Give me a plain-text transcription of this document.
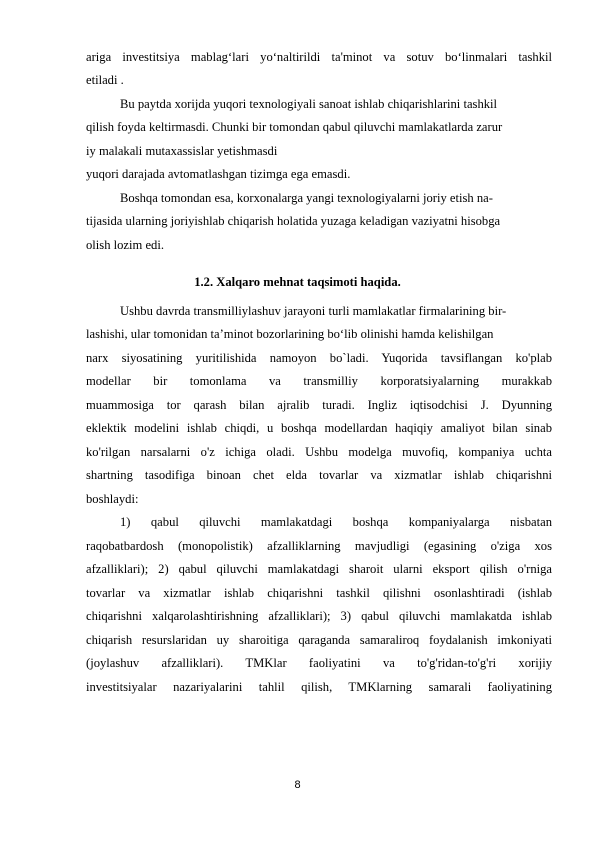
ariga investitsiya mablag‘lari yo‘naltirildi ta'minot va sotuv bo‘linmalari tashkil
etiladi .
Bu paytda xorijda yuqori texnologiyali sanoat ishlab chiqarishlarini tashkil
qilish foyda keltirmasdi. Chunki bir tomondan qabul qiluvchi mamlakatlarda zarur
iy malakali mutaxassislar yetishmasdi
yuqori darajada avtomatlashgan tizimga ega emasdi.
Boshqa tomondan esa, korxonalarga yangi texnologiyalarni joriy etish na-
tijasida ularning joriyishlab chiqarish holatida yuzaga keladigan vaziyatni hisobga
olish lozim edi.
1.2. Xalqaro mehnat taqsimoti haqida.
Ushbu davrda transmilliylashuv jarayoni turli mamlakatlar firmalarining bir-
lashishi, ular tomonidan ta’minot bozorlarining bo‘lib olinishi hamda kelishilgan
narx siyosatining yuritilishida namoyon bo`ladi. Yuqorida tavsiflangan ko'plab
modellar bir tomonlama va transmilliy korporatsiyalarning murakkab
muammosiga tor qarash bilan ajralib turadi. Ingliz iqtisodchisi J. Dyunning
eklektik modelini ishlab chiqdi, u boshqa modellardan haqiqiy amaliyot bilan sinab
ko'rilgan narsalarni o'z ichiga oladi. Ushbu modelga muvofiq, kompaniya uchta
shartning tasodifiga binoan chet elda tovarlar va xizmatlar ishlab chiqarishni
boshlaydi:
1) qabul qiluvchi mamlakatdagi boshqa kompaniyalarga nisbatan
raqobatbardosh (monopolistik) afzalliklarning mavjudligi (egasining o'ziga xos
afzalliklari); 2) qabul qiluvchi mamlakatdagi sharoit ularni eksport qilish o'rniga
tovarlar va xizmatlar ishlab chiqarishni tashkil qilishni osonlashtiradi (ishlab
chiqarishni xalqarolashtirishning afzalliklari); 3) qabul qiluvchi mamlakatda ishlab
chiqarish resurslaridan uy sharoitiga qaraganda samaraliroq foydalanish imkoniyati
(joylashuv afzalliklari). TMKlar faoliyatini va to'g'ridan-to'g'ri xorijiy
investitsiyalar nazariyalarini tahlil qilish, TMKlarning samarali faoliyatining
8
